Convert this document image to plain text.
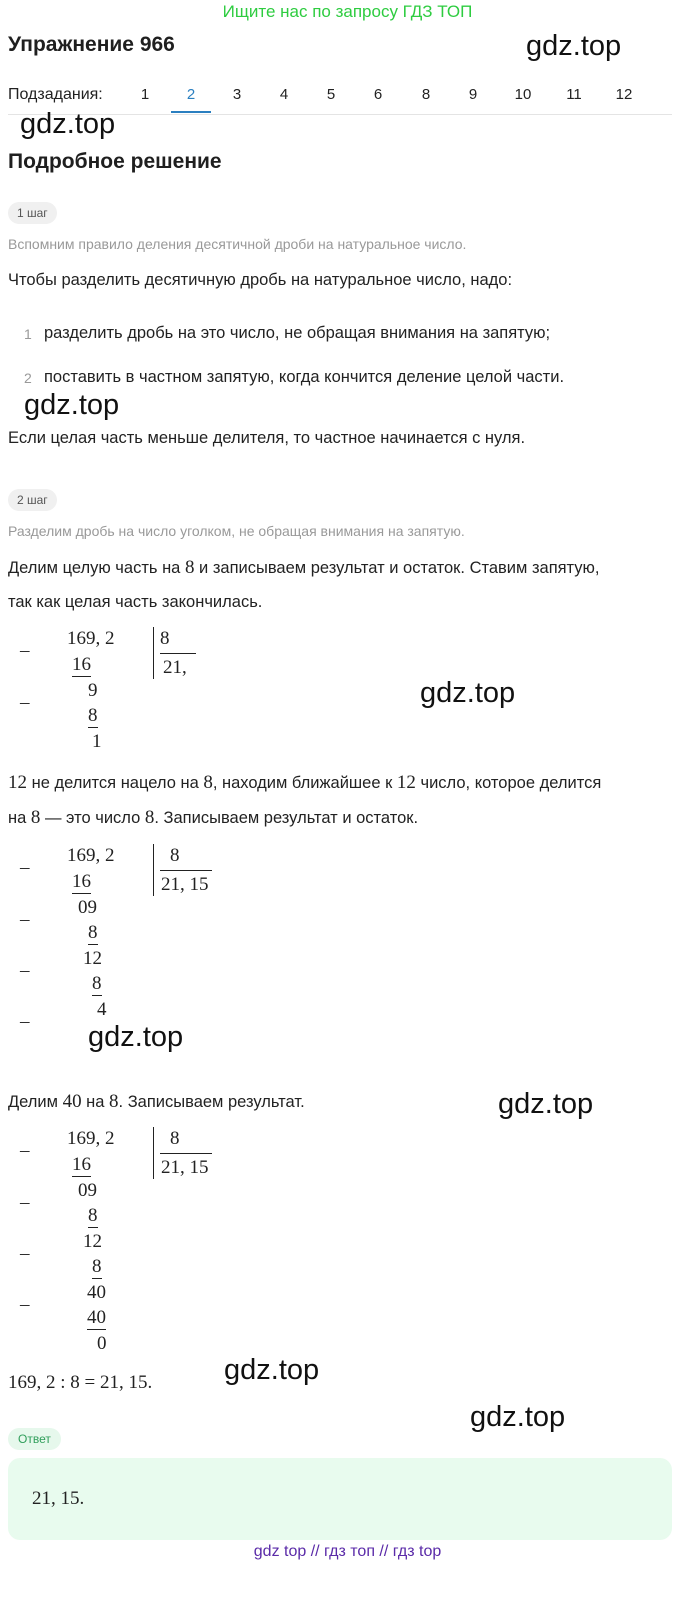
Ищите нас по запросу ГДЗ ТОП
Упражнение 966	gdz.top
Подзадания:	1	2	3	4	5	6	8	9	10	11	12
gdz.top
Подробное решение
1 шаг
Вспомним правило деления десятичной дроби на натуральное число.
Чтобы разделить десятичную дробь на натуральное число, надо:
1 разделить дробь на это число, не обращая внимания на запятую;
2 поставить в частном запятую, когда кончится деление целой части.
gdz.top
Если целая часть меньше делителя, то частное начинается с нуля.
2 шаг
Разделим дробь на число уголком, не обращая внимания на запятую.
Делим целую часть на 8 и записываем результат и остаток. Ставим запятую,
так как целая часть закончилась.
–
–
169, 2
16
9
8
1
8
21,
gdz.top
12 не делится нацело на 8, находим ближайшее к 12 число, которое делится
на 8 — это число 8. Записываем результат и остаток.
–
–
–
–
169, 2
16
09
8
12
8
4
8
21, 15
gdz.top
Делим 40 на 8. Записываем результат.	gdz.top
–
–
–
–
169, 2
16
09
8
12
8
40
40
0
8
21, 15
169, 2 : 8 = 21, 15. gdz.top
gdz.top
Ответ
21, 15.
gdz top // гдз топ // гдз top
